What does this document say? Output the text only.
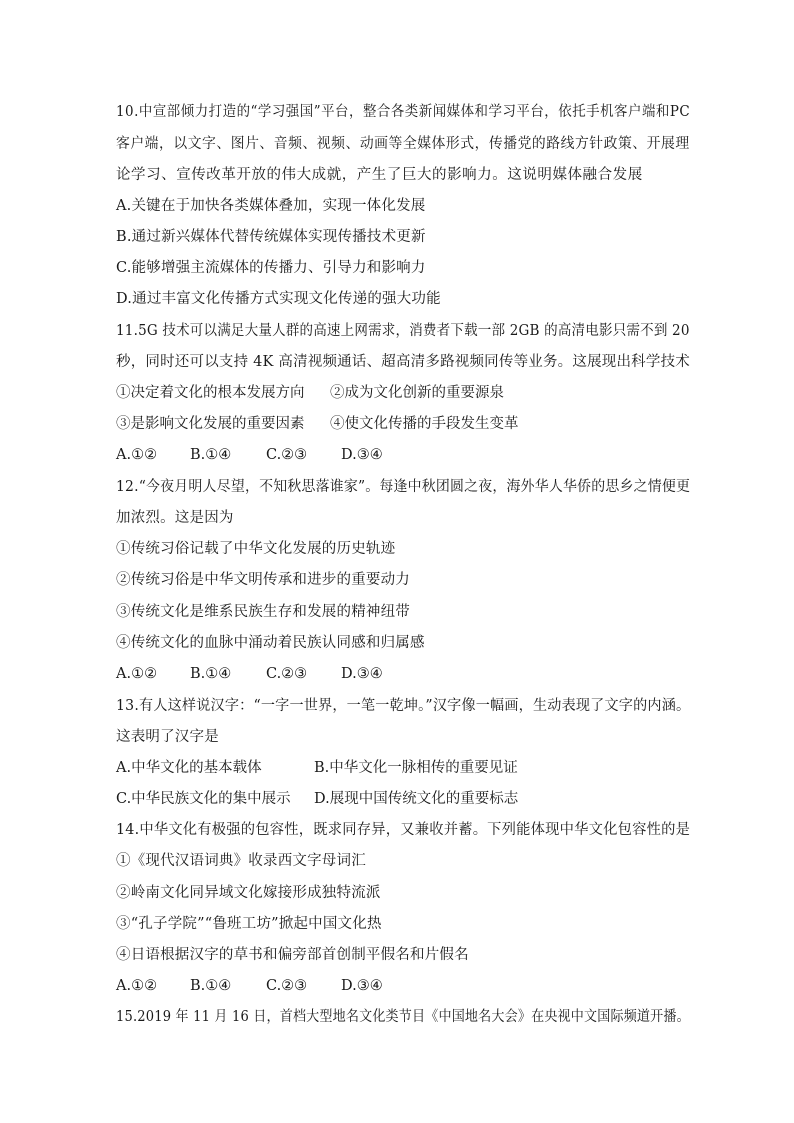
10.中宣部倾力打造的“学习强国”平台，整合各类新闻媒体和学习平台，依托手机客户端和PC
客户端，以文字、图片、音频、视频、动画等全媒体形式，传播党的路线方针政策、开展理
论学习、宣传改革开放的伟大成就，产生了巨大的影响力。这说明媒体融合发展
A.关键在于加快各类媒体叠加，实现一体化发展
B.通过新兴媒体代替传统媒体实现传播技术更新
C.能够增强主流媒体的传播力、引导力和影响力
D.通过丰富文化传播方式实现文化传递的强大功能
11.5G 技术可以满足大量人群的高速上网需求，消费者下载一部 2GB 的高清电影只需不到 20
秒，同时还可以支持 4K 高清视频通话、超高清多路视频同传等业务。这展现出科学技术
①决定着文化的根本发展方向 ②成为文化创新的重要源泉
③是影响文化发展的重要因素 ④使文化传播的手段发生变革
A.①② B.①④ C.②③ D.③④
12.“今夜月明人尽望，不知秋思落谁家”。每逢中秋团圆之夜，海外华人华侨的思乡之情便更
加浓烈。这是因为
①传统习俗记载了中华文化发展的历史轨迹
②传统习俗是中华文明传承和进步的重要动力
③传统文化是维系民族生存和发展的精神纽带
④传统文化的血脉中涌动着民族认同感和归属感
A.①② B.①④ C.②③ D.③④
13.有人这样说汉字：“一字一世界，一笔一乾坤。”汉字像一幅画，生动表现了文字的内涵。
这表明了汉字是
A.中华文化的基本载体	B.中华文化一脉相传的重要见证
C.中华民族文化的集中展示 D.展现中国传统文化的重要标志
14.中华文化有极强的包容性，既求同存异，又兼收并蓄。下列能体现中华文化包容性的是
①《现代汉语词典》收录西文字母词汇
②岭南文化同异域文化嫁接形成独特流派
③“孔子学院”“鲁班工坊”掀起中国文化热
④日语根据汉字的草书和偏旁部首创制平假名和片假名
A.①② B.①④ C.②③ D.③④
15.2019 年 11 月 16 日，首档大型地名文化类节目《中国地名大会》在央视中文国际频道开播。
